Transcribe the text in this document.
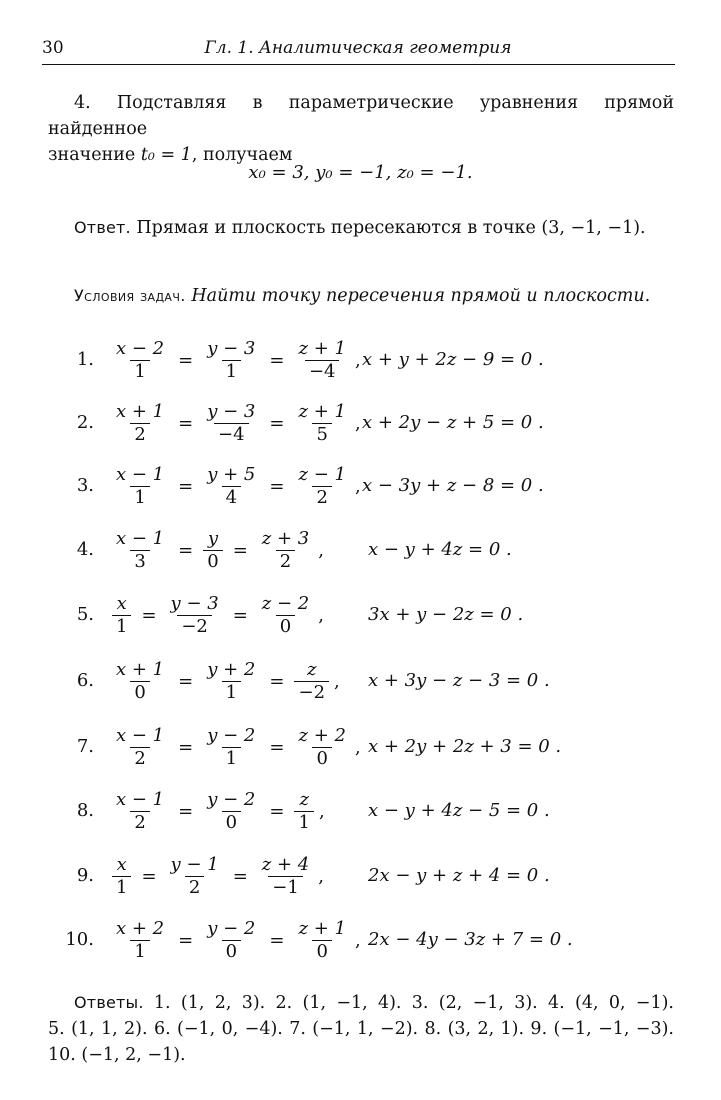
30	Гл. 1. Аналитическая геометрия
4. Подставляя в параметрические уравнения прямой найденное
значение t₀ = 1, получаем
x₀ = 3, y₀ = −1, z₀ = −1.
Ответ. Прямая и плоскость пересекаются в точке (3, −1, −1).
Условия задач. Найти точку пересечения прямой и плоскости.
1. $\frac{x - 2}{1} = \frac{y - 3}{1} = \frac{z + 1}{-4}$ , x + y + 2z − 9 = 0 .
2. $\frac{x + 1}{2} = \frac{y - 3}{-4} = \frac{z + 1}{5}$ , x + 2y − z + 5 = 0 .
3. $\frac{x - 1}{1} = \frac{y + 5}{4} = \frac{z - 1}{2}$ , x − 3y + z − 8 = 0 .
4. $\frac{x - 1}{3} = \frac{y}{0} = \frac{z + 3}{2}$ , x − y + 4z = 0 .
5. $\frac{x}{1} = \frac{y - 3}{-2} = \frac{z - 2}{0}$ , 3x + y − 2z = 0 .
6. $\frac{x + 1}{0} = \frac{y + 2}{1} = \frac{z}{-2}$ , x + 3y − z − 3 = 0 .
7. $\frac{x - 1}{2} = \frac{y - 2}{1} = \frac{z + 2}{0}$ , x + 2y + 2z + 3 = 0 .
8. $\frac{x - 1}{2} = \frac{y - 2}{0} = \frac{z}{1}$ , x − y + 4z − 5 = 0 .
9. $\frac{x}{1} = \frac{y - 1}{2} = \frac{z + 4}{-1}$ , 2x − y + z + 4 = 0 .
10. $\frac{x + 2}{1} = \frac{y - 2}{0} = \frac{z + 1}{0}$ , 2x − 4y − 3z + 7 = 0 .
Ответы. 1. (1, 2, 3). 2. (1, −1, 4). 3. (2, −1, 3). 4. (4, 0, −1).
5. (1, 1, 2). 6. (−1, 0, −4). 7. (−1, 1, −2). 8. (3, 2, 1). 9. (−1, −1, −3).
10. (−1, 2, −1).
